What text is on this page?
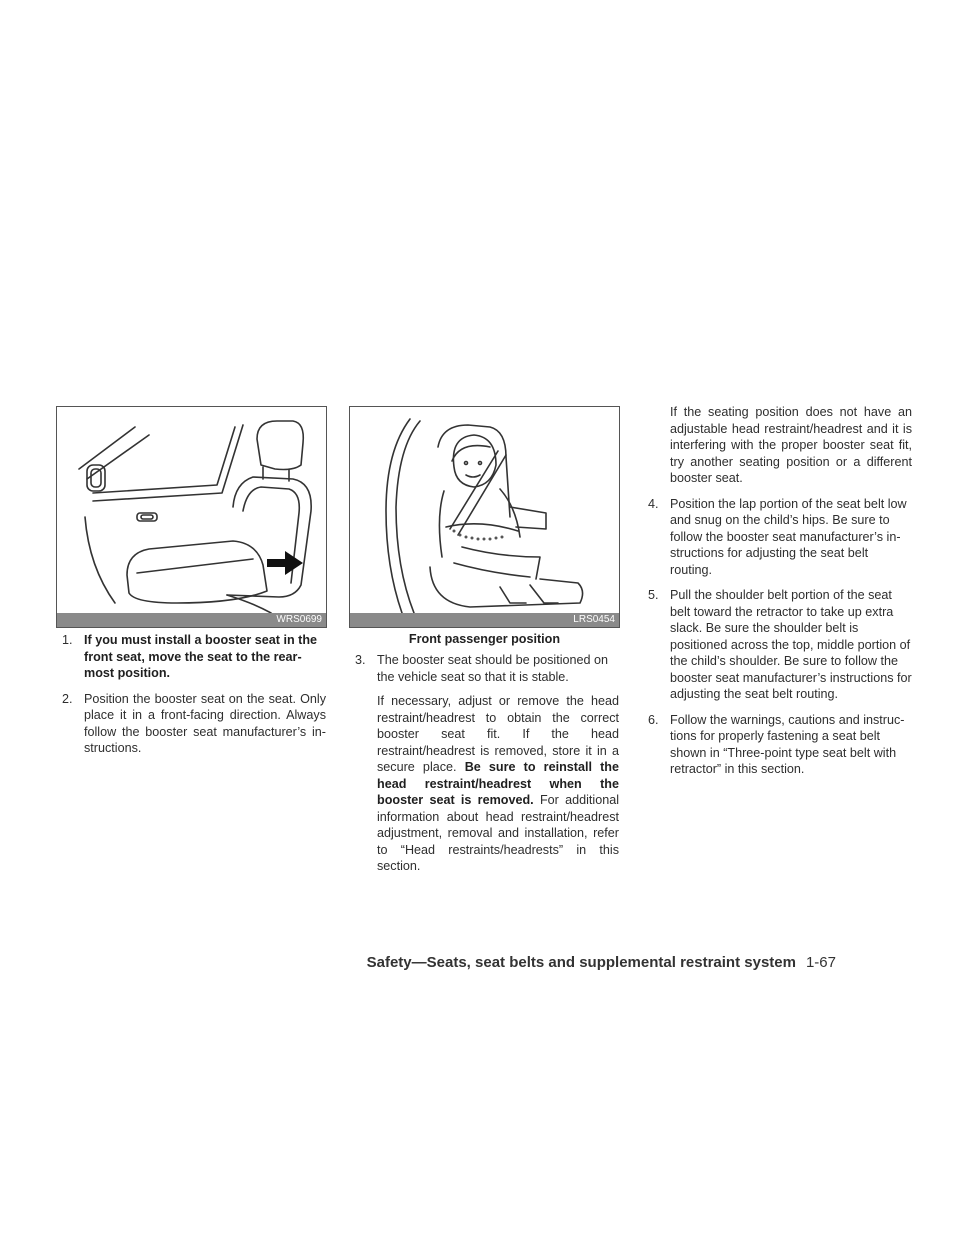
WRS0699	LRS0454
Front passenger position
1. If you must install a booster seat in the front seat, move the seat to the rear-most position.
2. Position the booster seat on the seat. Only place it in a front-facing direction. Always follow the booster seat manufacturer’s in-structions.
3. The booster seat should be positioned on the vehicle seat so that it is stable.
If necessary, adjust or remove the head restraint/headrest to obtain the correct booster seat fit. If the head restraint/headrest is removed, store it in a secure place. Be sure to reinstall the head restraint/headrest when the booster seat is removed. For additional information about head restraint/headrest adjustment, removal and installation, refer to “Head restraints/headrests” in this section.
If the seating position does not have an adjustable head restraint/headrest and it is interfering with the proper booster seat fit, try another seating position or a different booster seat.
4. Position the lap portion of the seat belt low and snug on the child’s hips. Be sure to follow the booster seat manufacturer’s in-structions for adjusting the seat belt routing.
5. Pull the shoulder belt portion of the seat belt toward the retractor to take up extra slack. Be sure the shoulder belt is positioned across the top, middle portion of the child’s shoulder. Be sure to follow the booster seat manufacturer’s instructions for adjusting the seat belt routing.
6. Follow the warnings, cautions and instruc-tions for properly fastening a seat belt shown in “Three-point type seat belt with retractor” in this section.
Safety—Seats, seat belts and supplemental restraint system 1-67
